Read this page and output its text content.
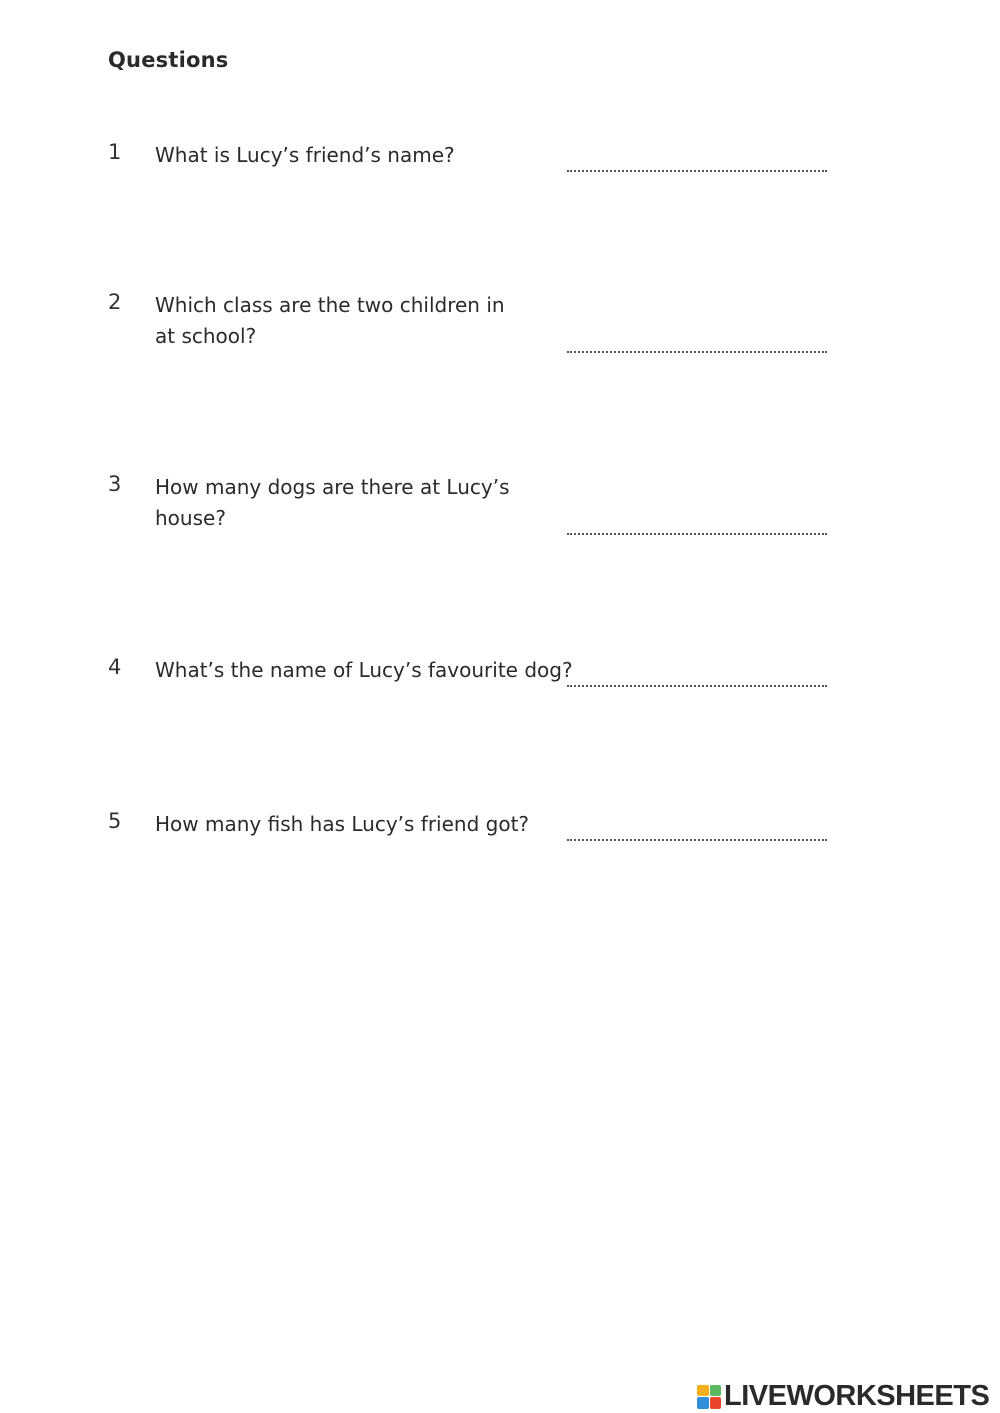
Questions
1 What is Lucy’s friend’s name?
2 Which class are the two children in at school?
3 How many dogs are there at Lucy’s house?
4 What’s the name of Lucy’s favourite dog?
5 How many fish has Lucy’s friend got?
LIVEWORKSHEETS
